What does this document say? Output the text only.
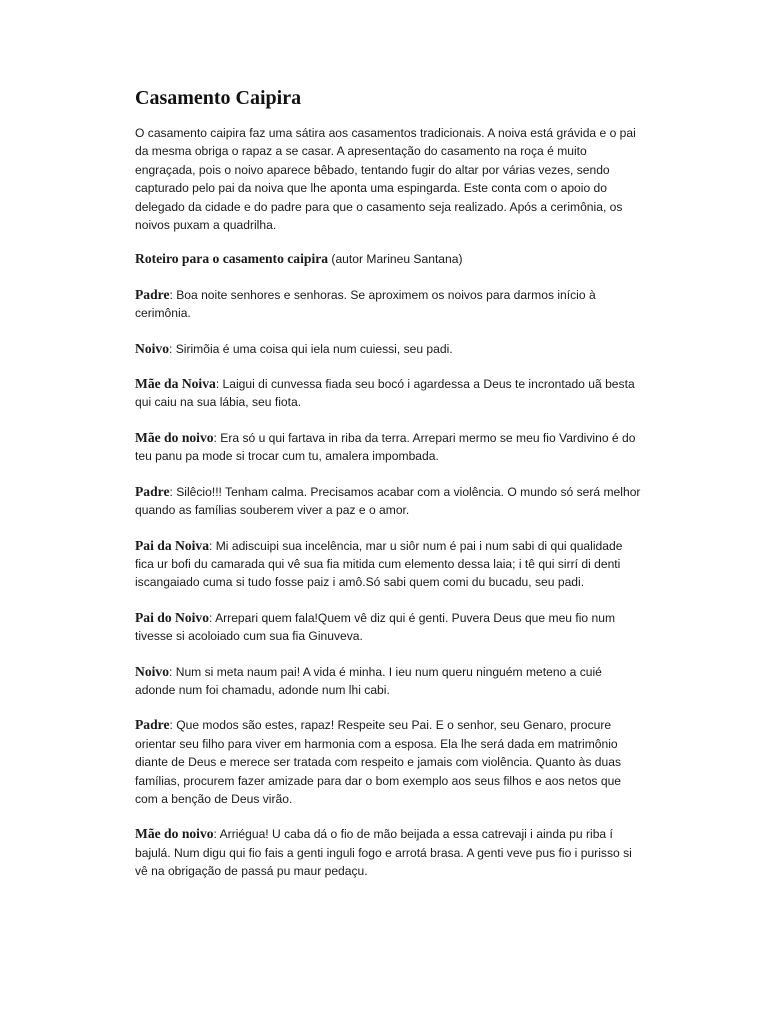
Casamento Caipira

O casamento caipira faz uma sátira aos casamentos tradicionais. A noiva está grávida e o pai da mesma obriga o rapaz a se casar. A apresentação do casamento na roça é muito engraçada, pois o noivo aparece bêbado, tentando fugir do altar por várias vezes, sendo capturado pelo pai da noiva que lhe aponta uma espingarda. Este conta com o apoio do delegado da cidade e do padre para que o casamento seja realizado. Após a cerimônia, os noivos puxam a quadrilha.

Roteiro para o casamento caipira (autor Marineu Santana)

Padre: Boa noite senhores e senhoras. Se aproximem os noivos para darmos início à cerimônia.

Noivo: Sirimõia é uma coisa qui iela num cuiessi, seu padi.

Mãe da Noiva: Laigui di cunvessa fiada seu bocó i agardessa a Deus te incrontado uã besta qui caiu na sua lábia, seu fiota.

Mãe do noivo: Era só u qui fartava in riba da terra. Arrepari mermo se meu fio Vardivino é do teu panu pa mode si trocar cum tu, amalera impombada.

Padre: Silêcio!!! Tenham calma. Precisamos acabar com a violência. O mundo só será melhor quando as famílias souberem viver a paz e o amor.

Pai da Noiva: Mi adiscuipi sua incelência, mar u siôr num é pai i num sabi di qui qualidade fica ur bofi du camarada qui vê sua fia mitida cum elemento dessa laia; i tê qui sirrí di denti iscangaiado cuma si tudo fosse paiz i amô.Só sabi quem comi du bucadu, seu padi.

Pai do Noivo: Arrepari quem fala!Quem vê diz qui é genti. Puvera Deus que meu fio num tivesse si acoloiado cum sua fia Ginuveva.

Noivo: Num si meta naum pai! A vida é minha. I ieu num queru ninguém meteno a cuié adonde num foi chamadu, adonde num lhi cabi.

Padre: Que modos são estes, rapaz! Respeite seu Pai. E o senhor, seu Genaro, procure orientar seu filho para viver em harmonia com a esposa. Ela lhe será dada em matrimônio diante de Deus e merece ser tratada com respeito e jamais com violência. Quanto às duas famílias, procurem fazer amizade para dar o bom exemplo aos seus filhos e aos netos que com a benção de Deus virão.

Mãe do noivo: Arriégua! U caba dá o fio de mão beijada a essa catrevaji i ainda pu riba í bajulá. Num digu qui fio fais a genti inguli fogo e arrotá brasa. A genti veve pus fio i purisso si vê na obrigação de passá pu maur pedaçu.
